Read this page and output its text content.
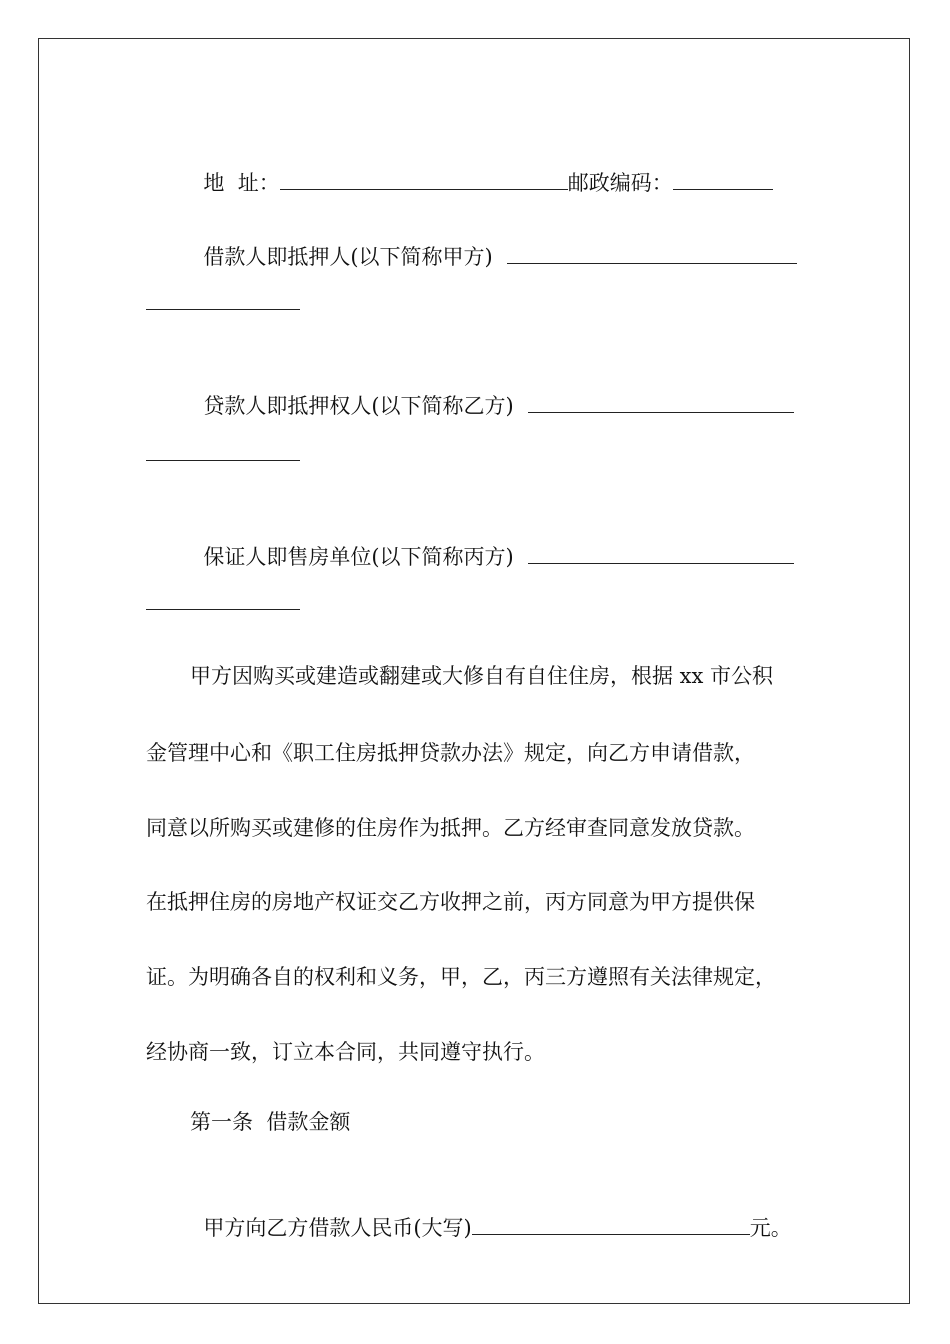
地  址：	邮政编码：

借款人即抵押人(以下简称甲方)

贷款人即抵押权人(以下简称乙方)

保证人即售房单位(以下简称丙方)

甲方因购买或建造或翻建或大修自有自住住房，根据 xx 市公积
金管理中心和《职工住房抵押贷款办法》规定，向乙方申请借款，
同意以所购买或建修的住房作为抵押。乙方经审查同意发放贷款。
在抵押住房的房地产权证交乙方收押之前，丙方同意为甲方提供保
证。为明确各自的权利和义务，甲，乙，丙三方遵照有关法律规定，
经协商一致，订立本合同，共同遵守执行。
第一条  借款金额

甲方向乙方借款人民币(大写)	元。
